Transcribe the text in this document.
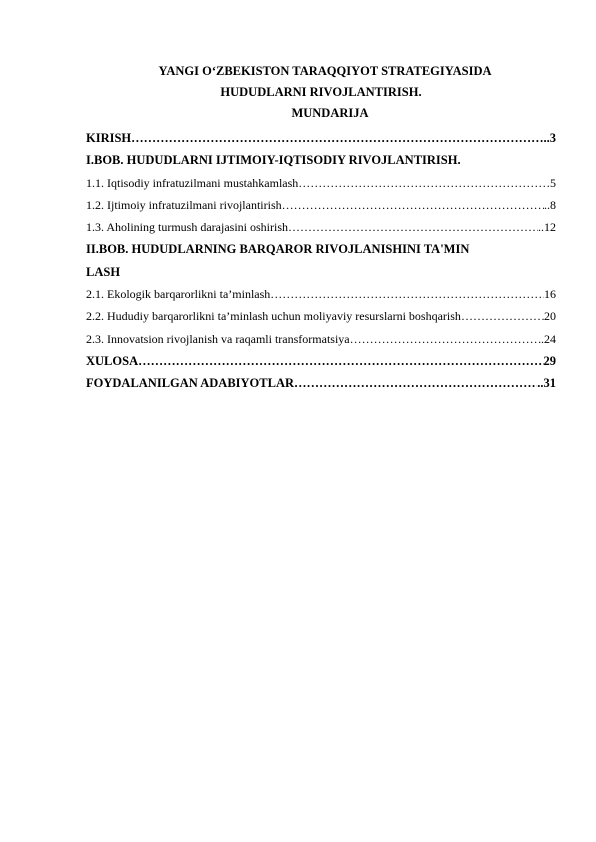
YANGI O‘ZBEKISTON TARAQQIYOT STRATEGIYASIDA

HUDUDLARNI RIVOJLANTIRISH.

MUNDARIJA

KIRISH ………………………………………………………………………………………………………………………………………………………	..3
I.BOB. HUDUDLARNI IJTIMOIY-IQTISODIY RIVOJLANTIRISH.
1.1. Iqtisodiy infratuzilmani mustahkamlash ………………………………………………………………………………………………………………………………………………………	5
1.2. Ijtimoiy infratuzilmani rivojlantirish ………………………………………………………………………………………………………………………………………………………	..8
1.3. Aholining turmush darajasini oshirish ………………………………………………………………………………………………………………………………………………………	..12
II.BOB. HUDUDLARNING BARQAROR RIVOJLANISHINI TA'MIN
LASH
2.1. Ekologik barqarorlikni ta’minlash ………………………………………………………………………………………………………………………………………………………	16
2.2. Hududiy barqarorlikni ta’minlash uchun moliyaviy resurslarni boshqarish ………………………………………………………………………………………………………………………………………………………	20
2.3. Innovatsion rivojlanish va raqamli transformatsiya ………………………………………………………………………………………………………………………………………………………	.24
XULOSA ………………………………………………………………………………………………………………………………………………………	29
FOYDALANILGAN ADABIYOTLAR ………………………………………………………………………………………………………………………………………………………	..31
